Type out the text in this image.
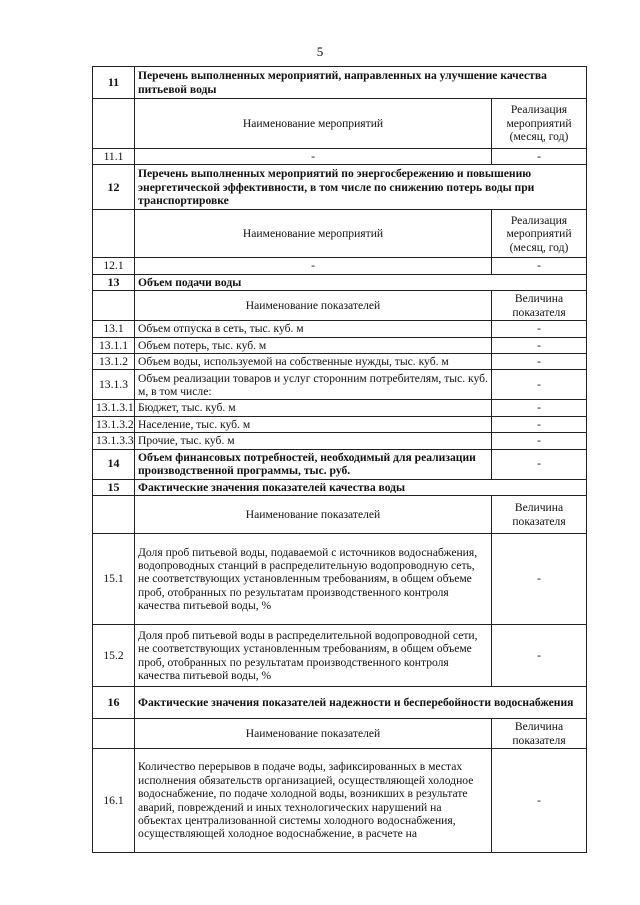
5
11	Перечень выполненных мероприятий, направленных на улучшение качества питьевой воды	
	Наименование мероприятий	Реализация мероприятий (месяц, год)
11.1	-	-
12	Перечень выполненных мероприятий по энергосбережению и повышению энергетической эффективности, в том числе по снижению потерь воды при транспортировке	
	Наименование мероприятий	Реализация мероприятий (месяц, год)
12.1	-	-
13	Объем подачи воды	
	Наименование показателей	Величина показателя
13.1	Объем отпуска в сеть, тыс. куб. м	-
13.1.1	Объем потерь, тыс. куб. м	-
13.1.2	Объем воды, используемой на собственные нужды, тыс. куб. м	-
13.1.3	Объем реализации товаров и услуг сторонним потребителям, тыс. куб. м, в том числе:	-
13.1.3.1	Бюджет, тыс. куб. м	-
13.1.3.2	Население, тыс. куб. м	-
13.1.3.3	Прочие, тыс. куб. м	-
14	Объем финансовых потребностей, необходимый для реализации производственной программы, тыс. руб.	-
15	Фактические значения показателей качества воды	
	Наименование показателей	Величина показателя
15.1	Доля проб питьевой воды, подаваемой с источников водоснабжения, водопроводных станций в распределительную водопроводную сеть, не соответствующих установленным требованиям, в общем объеме проб, отобранных по результатам производственного контроля качества питьевой воды, %	-
15.2	Доля проб питьевой воды в распределительной водопроводной сети, не соответствующих установленным требованиям, в общем объеме проб, отобранных по результатам производственного контроля качества питьевой воды, %	-
16	Фактические значения показателей надежности и бесперебойности водоснабжения	
	Наименование показателей	Величина показателя
16.1	Количество перерывов в подаче воды, зафиксированных в местах исполнения обязательств организацией, осуществляющей холодное водоснабжение, по подаче холодной воды, возникших в результате аварий, повреждений и иных технологических нарушений на объектах централизованной системы холодного водоснабжения, осуществляющей холодное водоснабжение, в расчете на	-
